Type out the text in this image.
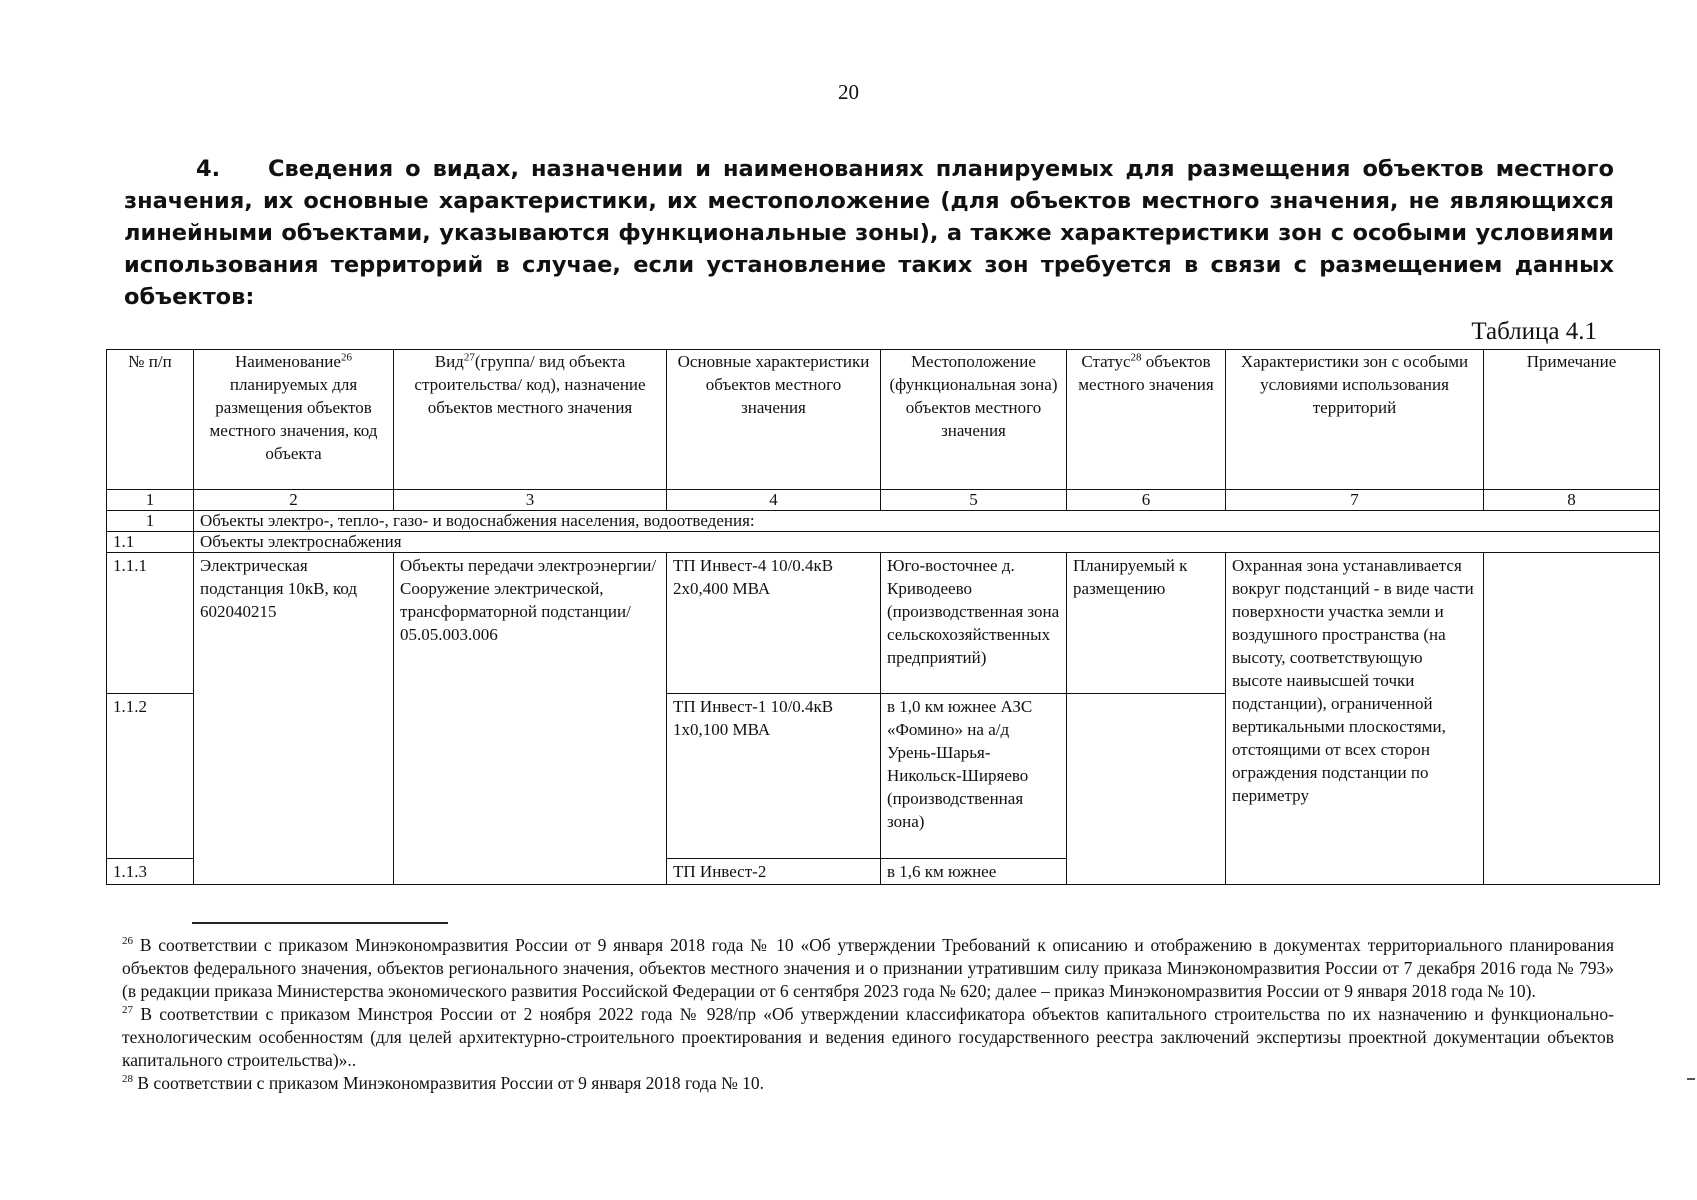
20
4. Сведения о видах, назначении и наименованиях планируемых для размещения объектов местного значения, их основные характеристики, их местоположение (для объектов местного значения, не являющихся линейными объектами, указываются функциональные зоны), а также характеристики зон с особыми условиями использования территорий в случае, если установление таких зон требуется в связи с размещением данных объектов:
Таблица 4.1
№ п/п	Наименование$^{26}$ планируемых для размещения объектов местного значения, код объекта	Вид$^{27}$(группа/ вид объекта строительства/ код), назначение объектов местного значения	Основные характеристики объектов местного значения	Местоположение (функциональная зона) объектов местного значения	Статус$^{28}$ объектов местного значения	Характеристики зон с особыми условиями использования территорий	Примечание
1	2	3	4	5	6	7	8
1	Объекты электро-, тепло-, газо- и водоснабжения населения, водоотведения:						
1.1	Объекты электроснабжения						
1.1.1	Электрическая подстанция 10кВ, код 602040215	Объекты передачи электроэнергии/ Сооружение электрической, трансформаторной подстанции/ 05.05.003.006	ТП Инвест-4 10/0.4кВ 2х0,400 МВА	Юго-восточнее д. Криводеево (производственная зона сельскохозяйственных предприятий)	Планируемый к размещению	Охранная зона устанавливается вокруг подстанций - в виде части поверхности участка земли и воздушного пространства (на высоту, соответствующую высоте наивысшей точки подстанции), ограниченной вертикальными плоскостями, отстоящими от всех сторон ограждения подстанции по периметру	
1.1.2			ТП Инвест-1 10/0.4кВ 1х0,100 МВА	в 1,0 км южнее АЗС «Фомино» на а/д Урень-Шарья-Никольск-Ширяево (производственная зона)			
1.1.3			ТП Инвест-2	в 1,6 км южнее			

$^{26}$ В соответствии с приказом Минэкономразвития России от 9 января 2018 года № 10 «Об утверждении Требований к описанию и отображению в документах территориального планирования объектов федерального значения, объектов регионального значения, объектов местного значения и о признании утратившим силу приказа Минэкономразвития России от 7 декабря 2016 года № 793» (в редакции приказа Министерства экономического развития Российской Федерации от 6 сентября 2023 года № 620; далее – приказ Минэкономразвития России от 9 января 2018 года № 10).

$^{27}$ В соответствии с приказом Минстроя России от 2 ноября 2022 года № 928/пр «Об утверждении классификатора объектов капитального строительства по их назначению и функционально-технологическим особенностям (для целей архитектурно-строительного проектирования и ведения единого государственного реестра заключений экспертизы проектной документации объектов капитального строительства)»..

$^{28}$ В соответствии с приказом Минэкономразвития России от 9 января 2018 года № 10.
